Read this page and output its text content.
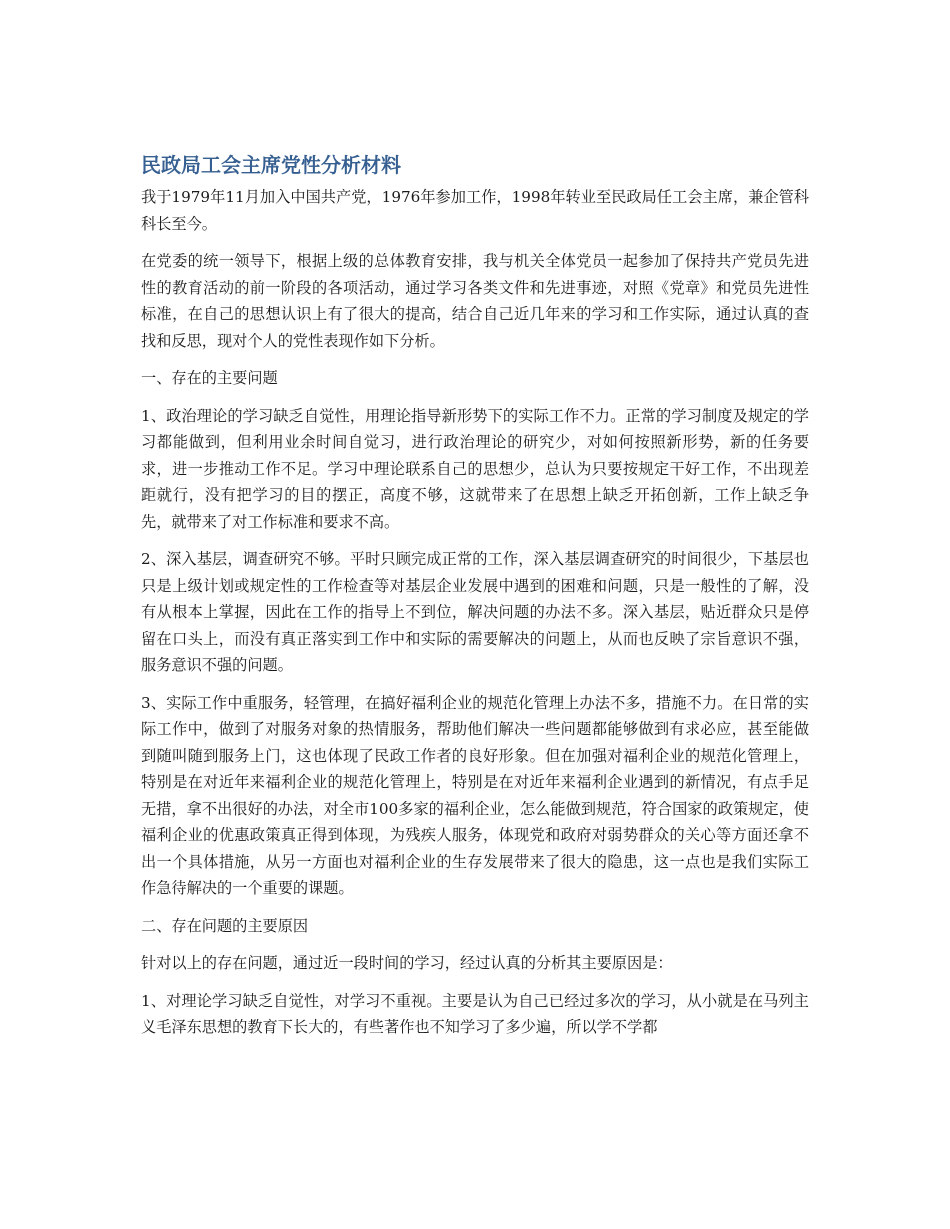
民政局工会主席党性分析材料

我于1979年11月加入中国共产党，1976年参加工作，1998年转业至民政局任工会主席，兼企管科科长至今。

在党委的统一领导下，根据上级的总体教育安排，我与机关全体党员一起参加了保持共产党员先进性的教育活动的前一阶段的各项活动，通过学习各类文件和先进事迹，对照《党章》和党员先进性标准，在自己的思想认识上有了很大的提高，结合自己近几年来的学习和工作实际，通过认真的查找和反思，现对个人的党性表现作如下分析。

一、存在的主要问题

1、政治理论的学习缺乏自觉性，用理论指导新形势下的实际工作不力。正常的学习制度及规定的学习都能做到，但利用业余时间自觉习，进行政治理论的研究少，对如何按照新形势，新的任务要求，进一步推动工作不足。学习中理论联系自己的思想少，总认为只要按规定干好工作，不出现差距就行，没有把学习的目的摆正，高度不够，这就带来了在思想上缺乏开拓创新，工作上缺乏争先，就带来了对工作标准和要求不高。

2、深入基层，调查研究不够。平时只顾完成正常的工作，深入基层调查研究的时间很少，下基层也只是上级计划或规定性的工作检查等对基层企业发展中遇到的困难和问题，只是一般性的了解，没有从根本上掌握，因此在工作的指导上不到位，解决问题的办法不多。深入基层，贴近群众只是停留在口头上，而没有真正落实到工作中和实际的需要解决的问题上，从而也反映了宗旨意识不强，服务意识不强的问题。

3、实际工作中重服务，轻管理，在搞好福利企业的规范化管理上办法不多，措施不力。在日常的实际工作中，做到了对服务对象的热情服务，帮助他们解决一些问题都能够做到有求必应，甚至能做到随叫随到服务上门，这也体现了民政工作者的良好形象。但在加强对福利企业的规范化管理上，特别是在对近年来福利企业的规范化管理上，特别是在对近年来福利企业遇到的新情况，有点手足无措，拿不出很好的办法，对全市100多家的福利企业，怎么能做到规范，符合国家的政策规定，使福利企业的优惠政策真正得到体现，为残疾人服务，体现党和政府对弱势群众的关心等方面还拿不出一个具体措施，从另一方面也对福利企业的生存发展带来了很大的隐患，这一点也是我们实际工作急待解决的一个重要的课题。

二、存在问题的主要原因

针对以上的存在问题，通过近一段时间的学习，经过认真的分析其主要原因是：

1、对理论学习缺乏自觉性，对学习不重视。主要是认为自己已经过多次的学习，从小就是在马列主义毛泽东思想的教育下长大的，有些著作也不知学习了多少遍，所以学不学都
